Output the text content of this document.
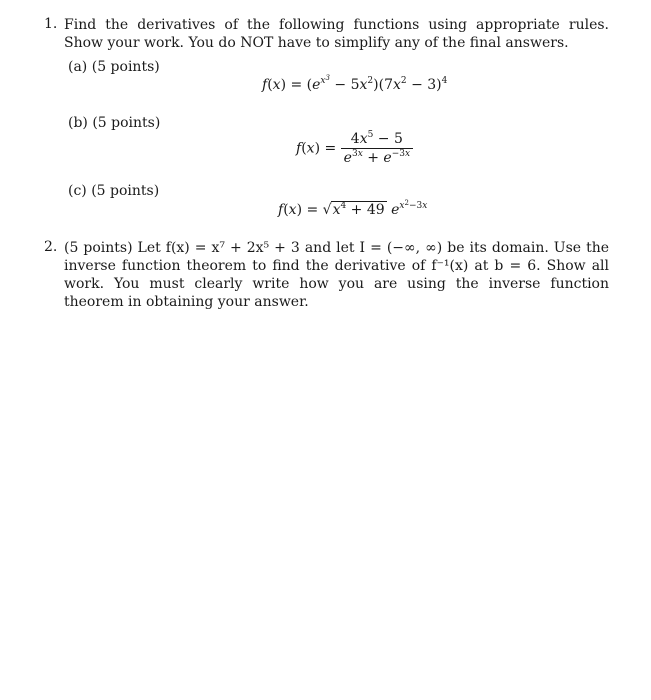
1. Find the derivatives of the following functions using appropriate rules. Show your work. You do NOT have to simplify any of the final answers.
(a) (5 points)
$f(x) = (e^{x^3} - 5x^2)(7x^2 - 3)^4$
(b) (5 points)
$f(x) = \frac{4x^5 - 5}{e^{3x} + e^{-3x}}$
(c) (5 points)
$f(x) = √x^4 + 49$ $e^{x^2-3x}$
2. (5 points) Let f(x) = x⁷ + 2x⁵ + 3 and let I = (−∞, ∞) be its domain. Use the inverse function theorem to find the derivative of f⁻¹(x) at b = 6. Show all work. You must clearly write how you are using the inverse function theorem in obtaining your answer.
